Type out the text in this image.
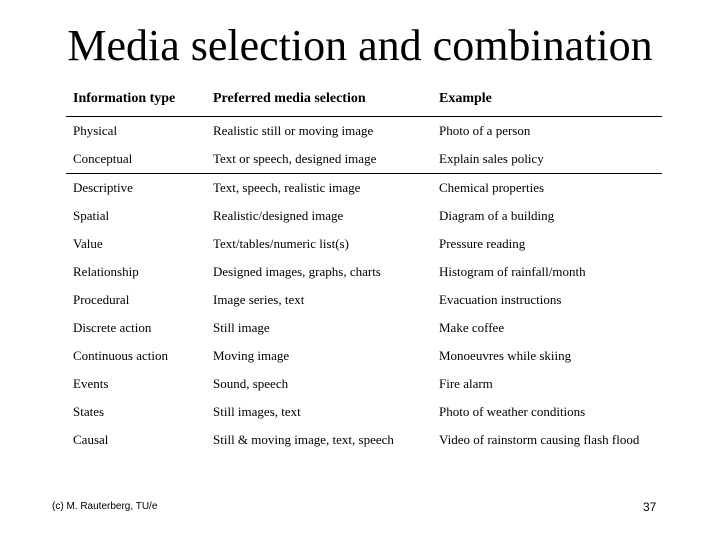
Media selection and combination
Information type	Preferred media selection	Example
Physical	Realistic still or moving image	Photo of a person
Conceptual	Text or speech, designed image	Explain sales policy
Descriptive	Text, speech, realistic image	Chemical properties
Spatial	Realistic/designed image	Diagram of a building
Value	Text/tables/numeric list(s)	Pressure reading
Relationship	Designed images, graphs, charts	Histogram of rainfall/month
Procedural	Image series, text	Evacuation instructions
Discrete action	Still image	Make coffee
Continuous action	Moving image	Monoeuvres while skiing
Events	Sound, speech	Fire alarm
States	Still images, text	Photo of weather conditions
Causal	Still & moving image, text, speech	Video of rainstorm causing flash flood
(c) M. Rauterberg, TU/e	37
